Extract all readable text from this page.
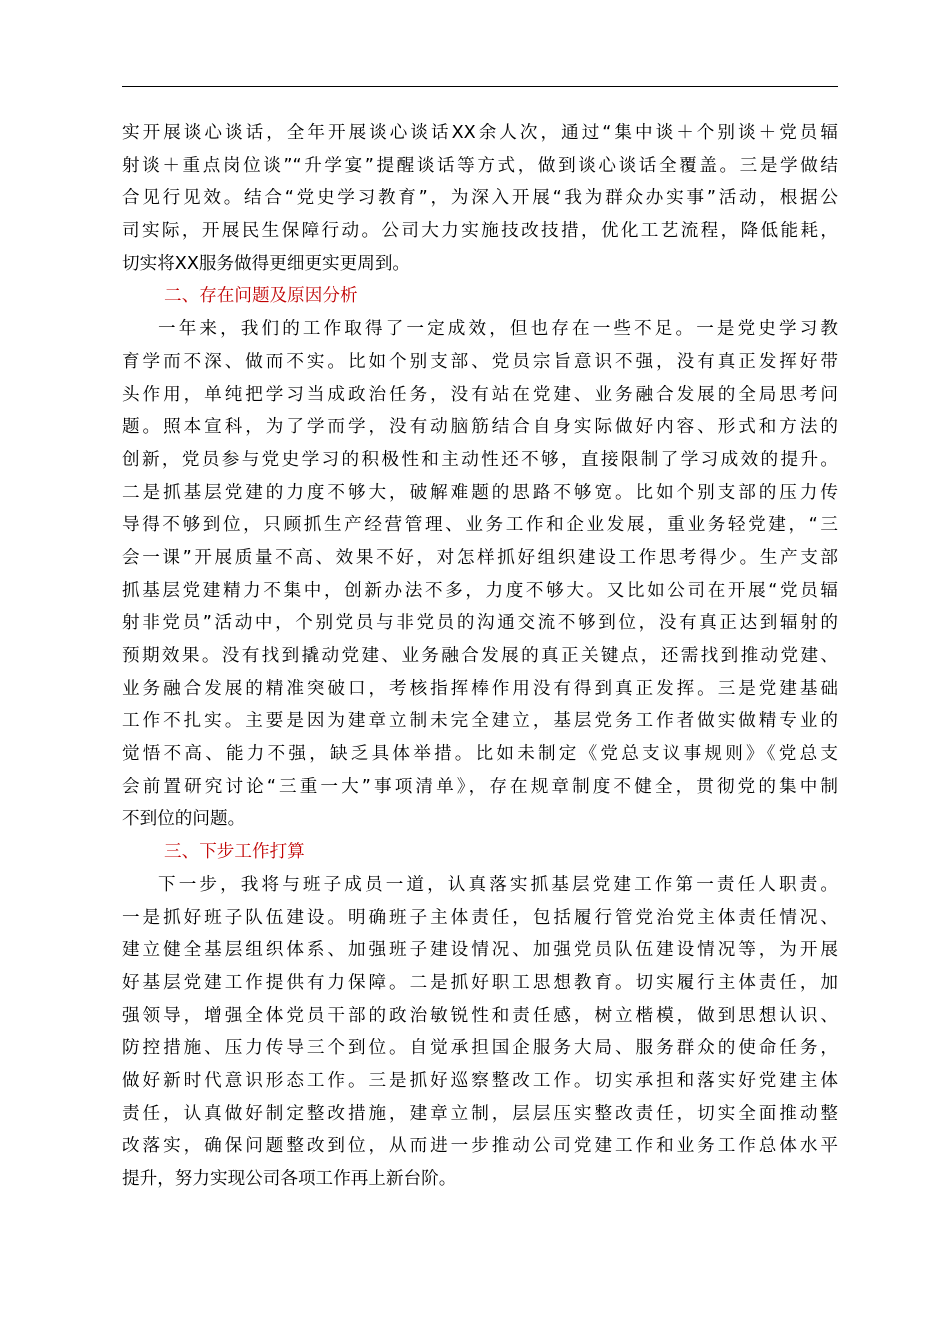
实开展谈心谈话，全年开展谈心谈话XX余人次，通过“集中谈＋个别谈＋党员辐
射谈＋重点岗位谈”“升学宴”提醒谈话等方式，做到谈心谈话全覆盖。三是学做结
合见行见效。结合“党史学习教育”，为深入开展“我为群众办实事”活动，根据公
司实际，开展民生保障行动。公司大力实施技改技措，优化工艺流程，降低能耗，
切实将XX服务做得更细更实更周到。
二、存在问题及原因分析
一年来，我们的工作取得了一定成效，但也存在一些不足。一是党史学习教
育学而不深、做而不实。比如个别支部、党员宗旨意识不强，没有真正发挥好带
头作用，单纯把学习当成政治任务，没有站在党建、业务融合发展的全局思考问
题。照本宣科，为了学而学，没有动脑筋结合自身实际做好内容、形式和方法的
创新，党员参与党史学习的积极性和主动性还不够，直接限制了学习成效的提升。
二是抓基层党建的力度不够大，破解难题的思路不够宽。比如个别支部的压力传
导得不够到位，只顾抓生产经营管理、业务工作和企业发展，重业务轻党建，“三
会一课”开展质量不高、效果不好，对怎样抓好组织建设工作思考得少。生产支部
抓基层党建精力不集中，创新办法不多，力度不够大。又比如公司在开展“党员辐
射非党员”活动中，个别党员与非党员的沟通交流不够到位，没有真正达到辐射的
预期效果。没有找到撬动党建、业务融合发展的真正关键点，还需找到推动党建、
业务融合发展的精准突破口，考核指挥棒作用没有得到真正发挥。三是党建基础
工作不扎实。主要是因为建章立制未完全建立，基层党务工作者做实做精专业的
觉悟不高、能力不强，缺乏具体举措。比如未制定《党总支议事规则》《党总支
会前置研究讨论“三重一大”事项清单》，存在规章制度不健全，贯彻党的集中制
不到位的问题。
三、下步工作打算
下一步，我将与班子成员一道，认真落实抓基层党建工作第一责任人职责。
一是抓好班子队伍建设。明确班子主体责任，包括履行管党治党主体责任情况、
建立健全基层组织体系、加强班子建设情况、加强党员队伍建设情况等，为开展
好基层党建工作提供有力保障。二是抓好职工思想教育。切实履行主体责任，加
强领导，增强全体党员干部的政治敏锐性和责任感，树立楷模，做到思想认识、
防控措施、压力传导三个到位。自觉承担国企服务大局、服务群众的使命任务，
做好新时代意识形态工作。三是抓好巡察整改工作。切实承担和落实好党建主体
责任，认真做好制定整改措施，建章立制，层层压实整改责任，切实全面推动整
改落实，确保问题整改到位，从而进一步推动公司党建工作和业务工作总体水平
提升，努力实现公司各项工作再上新台阶。
